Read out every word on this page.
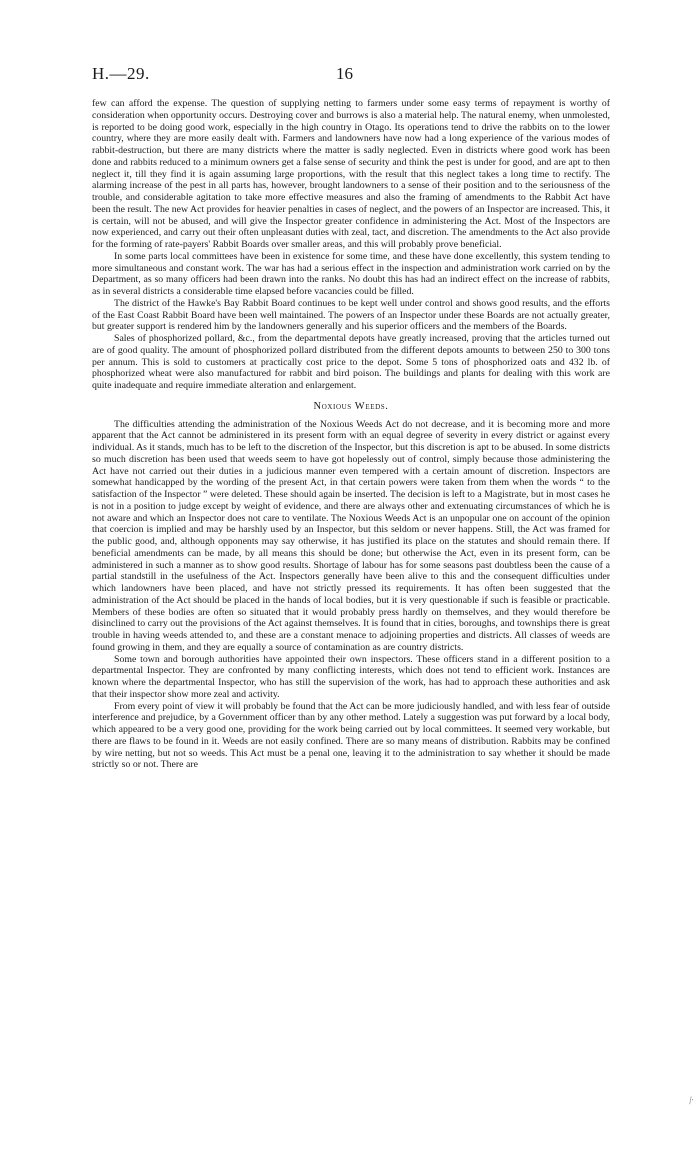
H.—29.	16

few can afford the expense. The question of supplying netting to farmers under some easy terms of repayment is worthy of consideration when opportunity occurs. Destroying cover and burrows is also a material help. The natural enemy, when unmolested, is reported to be doing good work, especially in the high country in Otago. Its operations tend to drive the rabbits on to the lower country, where they are more easily dealt with. Farmers and landowners have now had a long experience of the various modes of rabbit-destruction, but there are many districts where the matter is sadly neglected. Even in districts where good work has been done and rabbits reduced to a minimum owners get a false sense of security and think the pest is under for good, and are apt to then neglect it, till they find it is again assuming large proportions, with the result that this neglect takes a long time to rectify. The alarming increase of the pest in all parts has, however, brought landowners to a sense of their position and to the seriousness of the trouble, and considerable agitation to take more effective measures and also the framing of amendments to the Rabbit Act have been the result. The new Act provides for heavier penalties in cases of neglect, and the powers of an Inspector are increased. This, it is certain, will not be abused, and will give the Inspector greater confidence in administering the Act. Most of the Inspectors are now experienced, and carry out their often unpleasant duties with zeal, tact, and discretion. The amendments to the Act also provide for the forming of rate-payers' Rabbit Boards over smaller areas, and this will probably prove beneficial.

In some parts local committees have been in existence for some time, and these have done excellently, this system tending to more simultaneous and constant work. The war has had a serious effect in the inspection and administration work carried on by the Department, as so many officers had been drawn into the ranks. No doubt this has had an indirect effect on the increase of rabbits, as in several districts a considerable time elapsed before vacancies could be filled.

The district of the Hawke's Bay Rabbit Board continues to be kept well under control and shows good results, and the efforts of the East Coast Rabbit Board have been well maintained. The powers of an Inspector under these Boards are not actually greater, but greater support is rendered him by the landowners generally and his superior officers and the members of the Boards.

Sales of phosphorized pollard, &c., from the departmental depots have greatly increased, proving that the articles turned out are of good quality. The amount of phosphorized pollard distributed from the different depots amounts to between 250 to 300 tons per annum. This is sold to customers at practically cost price to the depot. Some 5 tons of phosphorized oats and 432 lb. of phosphorized wheat were also manufactured for rabbit and bird poison. The buildings and plants for dealing with this work are quite inadequate and require immediate alteration and enlargement.

Noxious Weeds.

The difficulties attending the administration of the Noxious Weeds Act do not decrease, and it is becoming more and more apparent that the Act cannot be administered in its present form with an equal degree of severity in every district or against every individual. As it stands, much has to be left to the discretion of the Inspector, but this discretion is apt to be abused. In some districts so much discretion has been used that weeds seem to have got hopelessly out of control, simply because those administering the Act have not carried out their duties in a judicious manner even tempered with a certain amount of discretion. Inspectors are somewhat handicapped by the wording of the present Act, in that certain powers were taken from them when the words “ to the satisfaction of the Inspector ” were deleted. These should again be inserted. The decision is left to a Magistrate, but in most cases he is not in a position to judge except by weight of evidence, and there are always other and extenuating circumstances of which he is not aware and which an Inspector does not care to ventilate. The Noxious Weeds Act is an unpopular one on account of the opinion that coercion is implied and may be harshly used by an Inspector, but this seldom or never happens. Still, the Act was framed for the public good, and, although opponents may say otherwise, it has justified its place on the statutes and should remain there. If beneficial amendments can be made, by all means this should be done; but otherwise the Act, even in its present form, can be administered in such a manner as to show good results. Shortage of labour has for some seasons past doubtless been the cause of a partial standstill in the usefulness of the Act. Inspectors generally have been alive to this and the consequent difficulties under which landowners have been placed, and have not strictly pressed its requirements. It has often been suggested that the administration of the Act should be placed in the hands of local bodies, but it is very questionable if such is feasible or practicable. Members of these bodies are often so situated that it would probably press hardly on themselves, and they would therefore be disinclined to carry out the provisions of the Act against themselves. It is found that in cities, boroughs, and townships there is great trouble in having weeds attended to, and these are a constant menace to adjoining properties and districts. All classes of weeds are found growing in them, and they are equally a source of contamination as are country districts.

Some town and borough authorities have appointed their own inspectors. These officers stand in a different position to a departmental Inspector. They are confronted by many conflicting interests, which does not tend to efficient work. Instances are known where the departmental Inspector, who has still the supervision of the work, has had to approach these authorities and ask that their inspector show more zeal and activity.

From every point of view it will probably be found that the Act can be more judiciously handled, and with less fear of outside interference and prejudice, by a Government officer than by any other method. Lately a suggestion was put forward by a local body, which appeared to be a very good one, providing for the work being carried out by local committees. It seemed very workable, but there are flaws to be found in it. Weeds are not easily confined. There are so many means of distribution. Rabbits may be confined by wire netting, but not so weeds. This Act must be a penal one, leaving it to the administration to say whether it should be made strictly so or not. There are

⁄·
